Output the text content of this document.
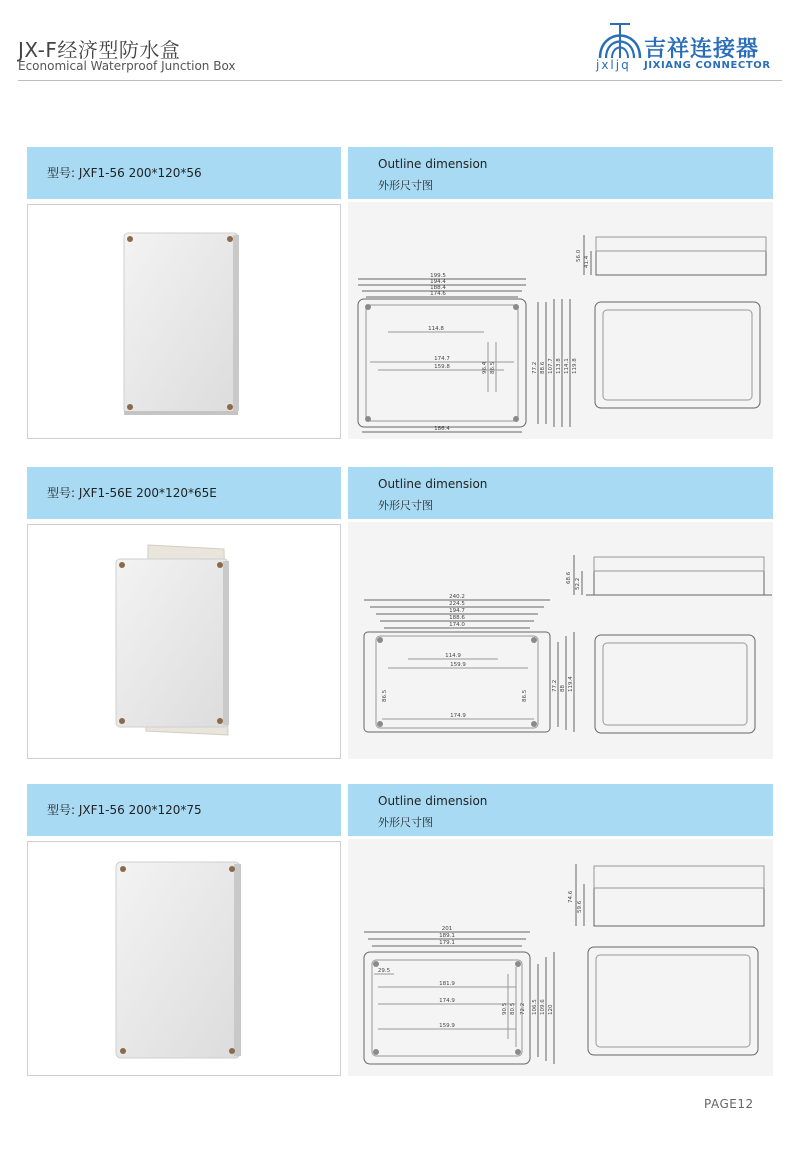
JX-F经济型防水盒
Economical Waterproof Junction Box
吉祥连接器
jxljq JIXIANG CONNECTOR
型号: JXF1-56 200*120*56
Outline dimension
外形尺寸图
199.5
194.4
188.4
174.6
114.8
174.7
159.8
186.4
56.0 41.4
96.4 86.5	77.2 88.6 107.7 113.8 114.1 119.8
型号: JXF1-56E 200*120*65E
Outline dimension
外形尺寸图
240.2
224.5
194.7
188.6
174.0
114.9
159.9
174.9
68.6 52.2
86.5	86.5
77.2 88 119.4
型号: JXF1-56 200*120*75
Outline dimension
外形尺寸图
201
189.1
179.1
29.5
181.9
174.9
159.9
74.6
59.6
90.5 80.5 72.2 106.5 109.6 120
PAGE12
